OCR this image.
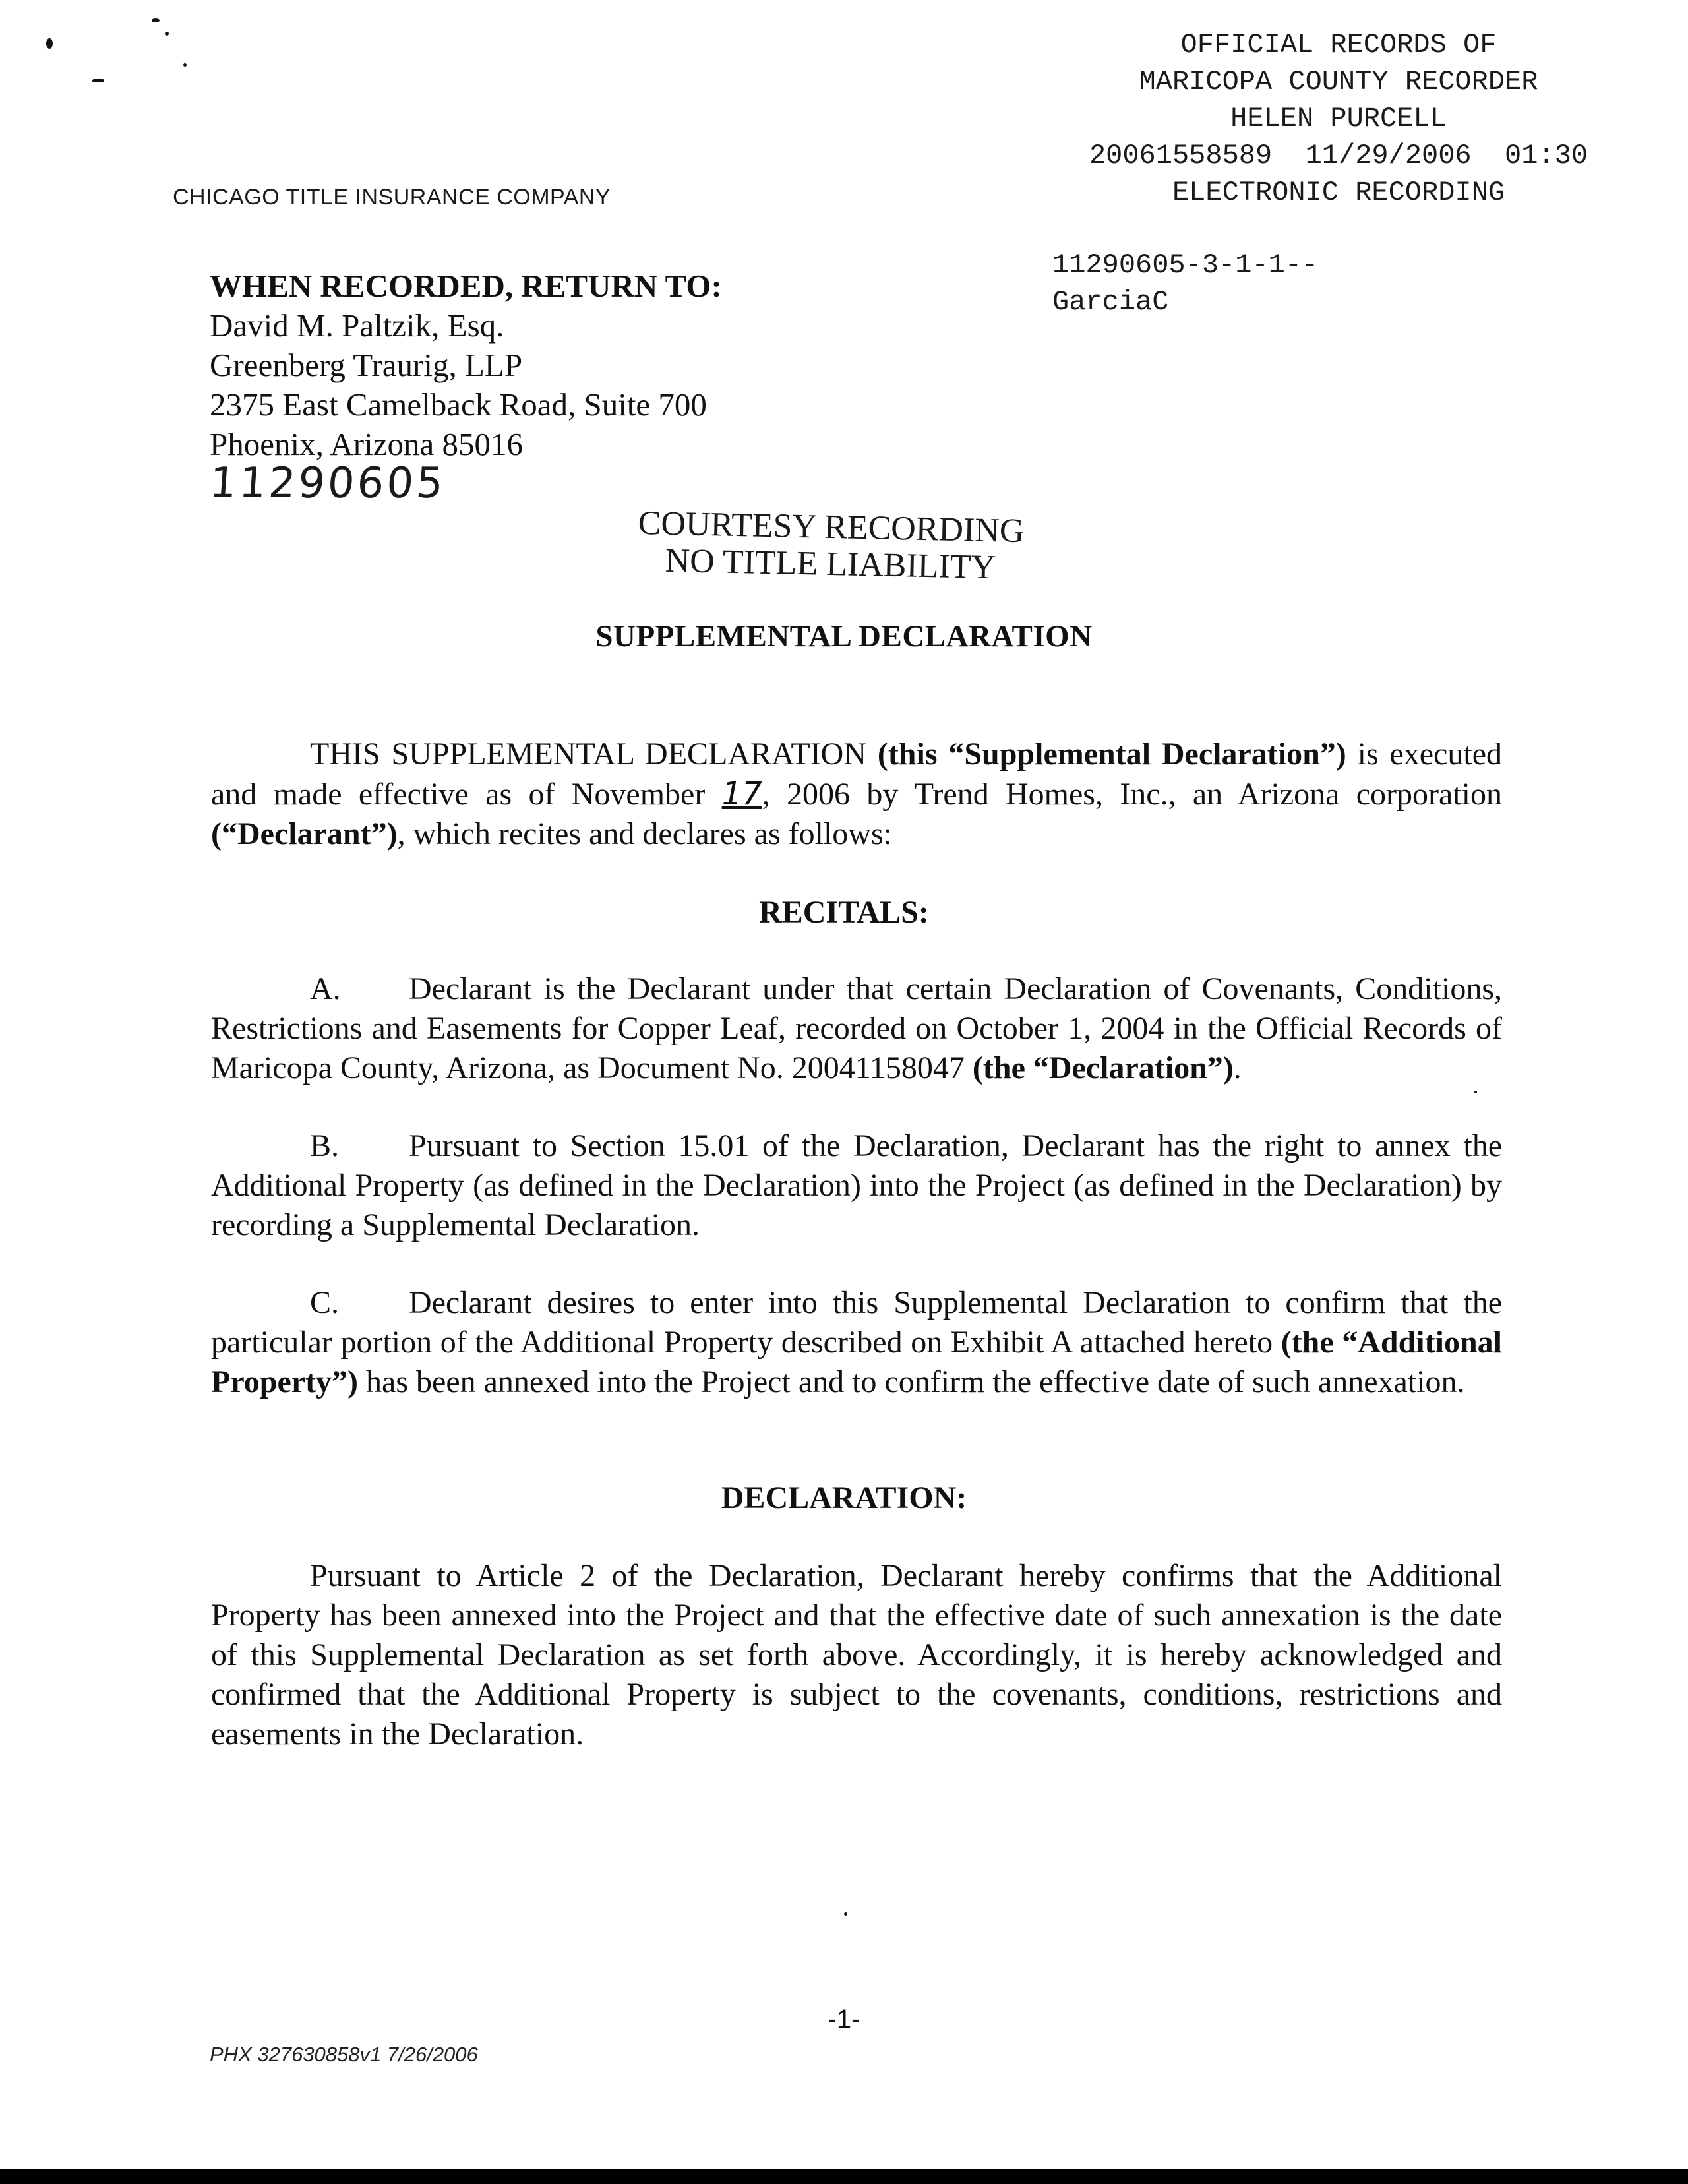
OFFICIAL RECORDS OF
MARICOPA COUNTY RECORDER
HELEN PURCELL
20061558589  11/29/2006  01:30
ELECTRONIC RECORDING
11290605-3-1-1--
GarciaC
CHICAGO TITLE INSURANCE COMPANY
WHEN RECORDED, RETURN TO:
David M. Paltzik, Esq.
Greenberg Traurig, LLP
2375 East Camelback Road, Suite 700
Phoenix, Arizona 85016
11290605
COURTESY RECORDING
NO TITLE LIABILITY
SUPPLEMENTAL DECLARATION
THIS SUPPLEMENTAL DECLARATION (this “Supplemental Declaration”) is executed and made effective as of November 17, 2006 by Trend Homes, Inc., an Arizona corporation (“Declarant”), which recites and declares as follows:
RECITALS:
A. Declarant is the Declarant under that certain Declaration of Covenants, Conditions, Restrictions and Easements for Copper Leaf, recorded on October 1, 2004 in the Official Records of Maricopa County, Arizona, as Document No. 20041158047 (the “Declaration”).
B. Pursuant to Section 15.01 of the Declaration, Declarant has the right to annex the Additional Property (as defined in the Declaration) into the Project (as defined in the Declaration) by recording a Supplemental Declaration.
C. Declarant desires to enter into this Supplemental Declaration to confirm that the particular portion of the Additional Property described on Exhibit A attached hereto (the “Additional Property”) has been annexed into the Project and to confirm the effective date of such annexation.
DECLARATION:
Pursuant to Article 2 of the Declaration, Declarant hereby confirms that the Additional Property has been annexed into the Project and that the effective date of such annexation is the date of this Supplemental Declaration as set forth above. Accordingly, it is hereby acknowledged and confirmed that the Additional Property is subject to the covenants, conditions, restrictions and easements in the Declaration.
-1-
PHX 327630858v1 7/26/2006
